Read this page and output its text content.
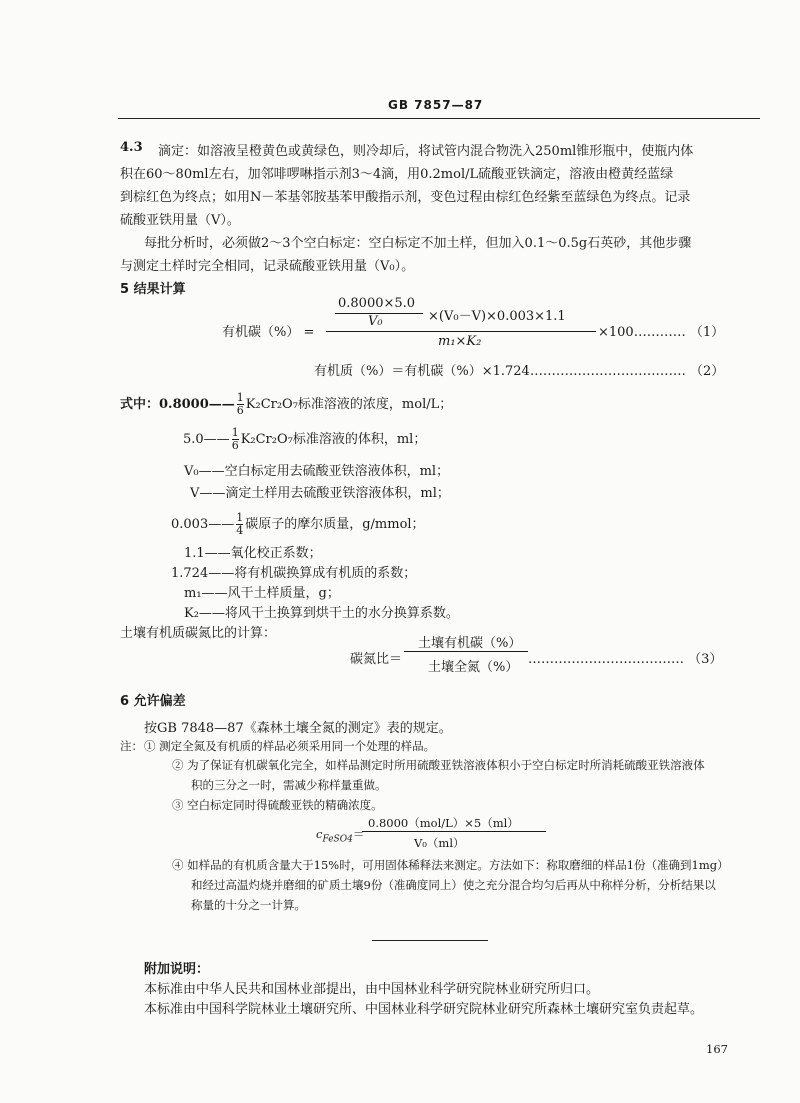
GB 7857—87
4.3 滴定：如溶液呈橙黄色或黄绿色，则冷却后，将试管内混合物洗入250ml锥形瓶中，使瓶内体
积在60～80ml左右，加邻啡啰啉指示剂3～4滴，用0.2mol/L硫酸亚铁滴定，溶液由橙黄经蓝绿
到棕红色为终点；如用N－苯基邻胺基苯甲酸指示剂，变色过程由棕红色经紫至蓝绿色为终点。记录
硫酸亚铁用量（V）。
每批分析时，必须做2～3个空白标定：空白标定不加土样，但加入0.1～0.5g石英砂，其他步骤
与测定土样时完全相同，记录硫酸亚铁用量（V₀）。
5 结果计算
有机碳（%） =
0.8000×5.0
V₀	×(V₀－V)×0.003×1.1
m₁×K₂
×100………… （1）
有机质（%）＝有机碳（%）×1.724……………………………… （2）
式中：0.8000—— $\frac{1}{6} K_2Cr_2O_7$标准溶液的浓度，mol/L；
5.0—— $\frac{1}{6} K_2Cr_2O_7$标准溶液的体积，ml；
V₀——空白标定用去硫酸亚铁溶液体积，ml；
V——滴定土样用去硫酸亚铁溶液体积，ml；
0.003—— $\frac{1}{4}$ 碳原子的摩尔质量，g/mmol；
1.1——氧化校正系数；
1.724——将有机碳换算成有机质的系数；
m₁——风干土样质量，g；
K₂——将风干土换算到烘干土的水分换算系数。
土壤有机质碳氮比的计算：
碳氮比＝
土壤有机碳（%）
土壤全氮（%）
……………………………… （3）
6 允许偏差
按GB 7848—87《森林土壤全氮的测定》表的规定。
注： ① 测定全氮及有机质的样品必须采用同一个处理的样品。
② 为了保证有机碳氧化完全，如样品测定时所用硫酸亚铁溶液体积小于空白标定时所消耗硫酸亚铁溶液体
积的三分之一时，需减少称样量重做。
③ 空白标定同时得硫酸亚铁的精确浓度。
$c_{FeSO4}=$
0.8000（mol/L）×5（ml）
V₀（ml）
④ 如样品的有机质含量大于15%时，可用固体稀释法来测定。方法如下：称取磨细的样品1份（准确到1mg）
和经过高温灼烧并磨细的矿质土壤9份（准确度同上）使之充分混合均匀后再从中称样分析，分析结果以
称量的十分之一计算。
附加说明：
本标准由中华人民共和国林业部提出，由中国林业科学研究院林业研究所归口。
本标准由中国科学院林业土壤研究所、中国林业科学研究院林业研究所森林土壤研究室负责起草。
167
